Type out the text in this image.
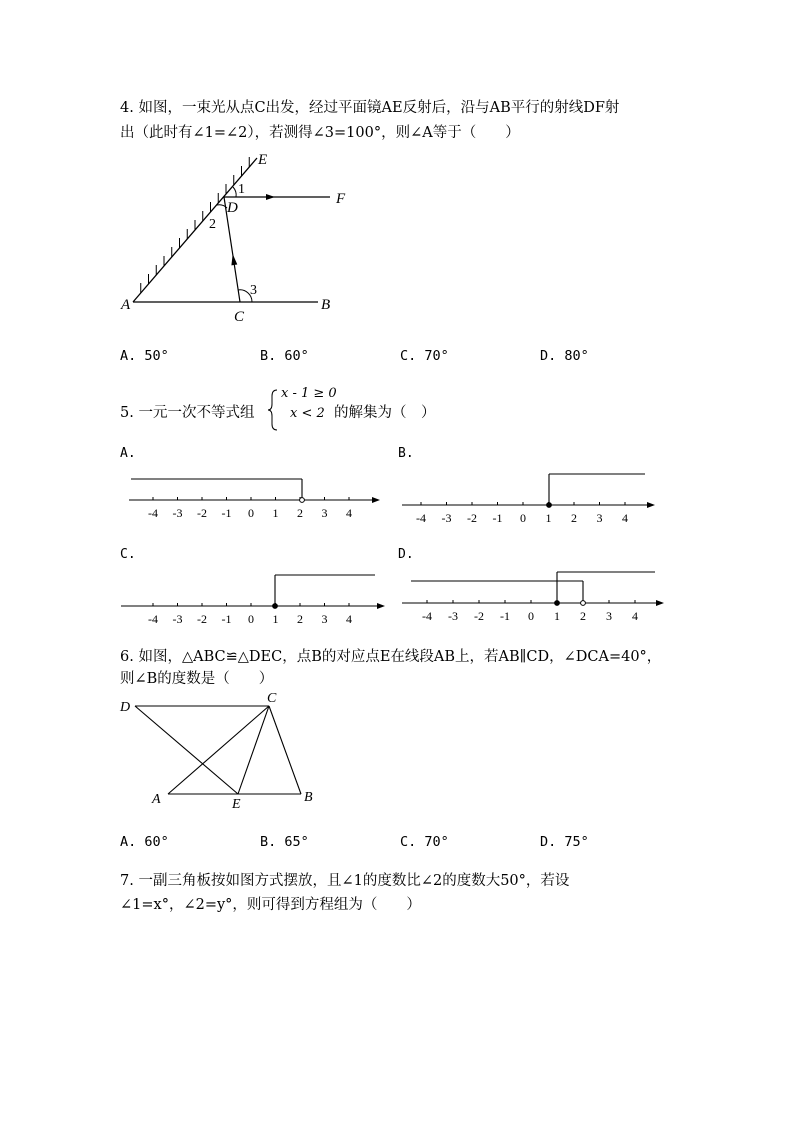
4. 如图，一束光从点C出发，经过平面镜AE反射后，沿与AB平行的射线DF射
出（此时有∠1=∠2），若测得∠3=100°，则∠A等于（　　）
E
1
D
F
2
3
A	B
C
A. 50°	B. 60°	C. 70°	D. 80°
5. 一元一次不等式组
x - 1 ≥ 0
x < 2 的解集为（　）
A.	B.
C.	D.
-4 -3 -2 -1 0 1 2 3 4	-4 -3 -2 -1 0 1 2 3 4
-4 -3 -2 -1 0 1 2 3 4	-4 -3 -2 -1 0 1 2 3 4
6. 如图，△ABC≌△DEC，点B的对应点E在线段AB上，若AB∥CD，∠DCA=40°，
则∠B的度数是（　　）
D
C
A	E	B
A. 60°	B. 65°	C. 70°	D. 75°
7. 一副三角板按如图方式摆放，且∠1的度数比∠2的度数大50°，若设
∠1=x°，∠2=y°，则可得到方程组为（　　）
